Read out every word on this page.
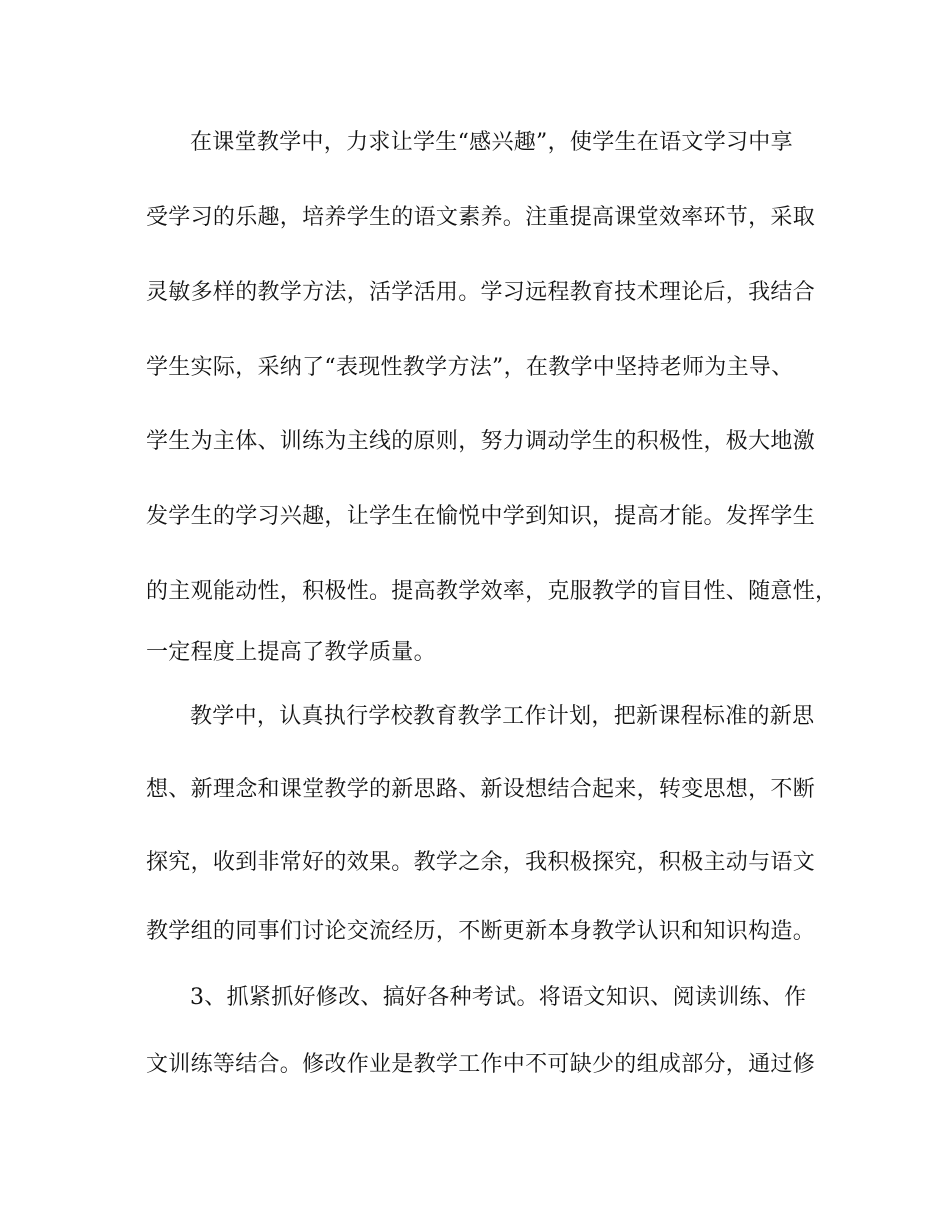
在课堂教学中，力求让学生“感兴趣”，使学生在语文学习中享
受学习的乐趣，培养学生的语文素养。注重提高课堂效率环节，采取
灵敏多样的教学方法，活学活用。学习远程教育技术理论后，我结合
学生实际，采纳了“表现性教学方法”，在教学中坚持老师为主导、
学生为主体、训练为主线的原则，努力调动学生的积极性，极大地激
发学生的学习兴趣，让学生在愉悦中学到知识，提高才能。发挥学生
的主观能动性，积极性。提高教学效率，克服教学的盲目性、随意性，
一定程度上提高了教学质量。
教学中，认真执行学校教育教学工作计划，把新课程标准的新思
想、新理念和课堂教学的新思路、新设想结合起来，转变思想，不断
探究，收到非常好的效果。教学之余，我积极探究，积极主动与语文
教学组的同事们讨论交流经历，不断更新本身教学认识和知识构造。
3、抓紧抓好修改、搞好各种考试。将语文知识、阅读训练、作
文训练等结合。修改作业是教学工作中不可缺少的组成部分，通过修
